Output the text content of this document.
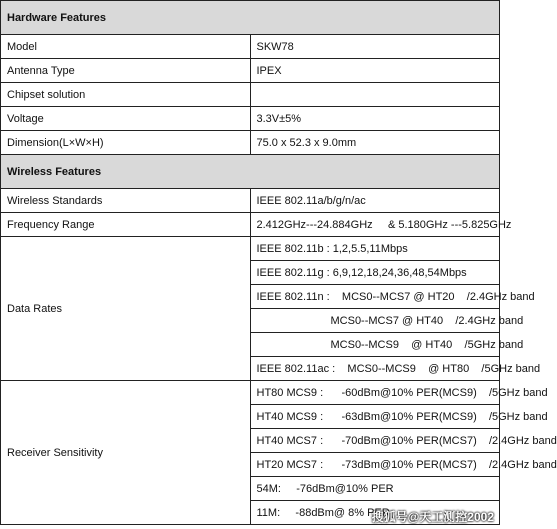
Hardware Features	
Model	SKW78
Antenna Type	IPEX
Chipset solution	
Voltage	3.3V±5%
Dimension(L×W×H)	75.0 x 52.3 x 9.0mm
Wireless Features	
Wireless Standards	IEEE 802.11a/b/g/n/ac
Frequency Range	2.412GHz---24.884GHz     & 5.180GHz ---5.825GHz
Data Rates	IEEE 802.11b : 1,2,5.5,11Mbps
	IEEE 802.11g : 6,9,12,18,24,36,48,54Mbps
	IEEE 802.11n :    MCS0--MCS7 @ HT20    /2.4GHz band
	MCS0--MCS7 @ HT40    /2.4GHz band
	MCS0--MCS9    @ HT40    /5GHz band
	IEEE 802.11ac :    MCS0--MCS9    @ HT80    /5GHz band
Receiver Sensitivity	HT80 MCS9 :      -60dBm@10% PER(MCS9)    /5GHz band
	HT40 MCS9 :      -63dBm@10% PER(MCS9)    /5GHz band
	HT40 MCS7 :      -70dBm@10% PER(MCS7)    /2.4GHz band
	HT20 MCS7 :      -73dBm@10% PER(MCS7)    /2.4GHz band
	54M:     -76dBm@10% PER
	11M:     -88dBm@ 8% PER
搜狐号@天工测控2002
